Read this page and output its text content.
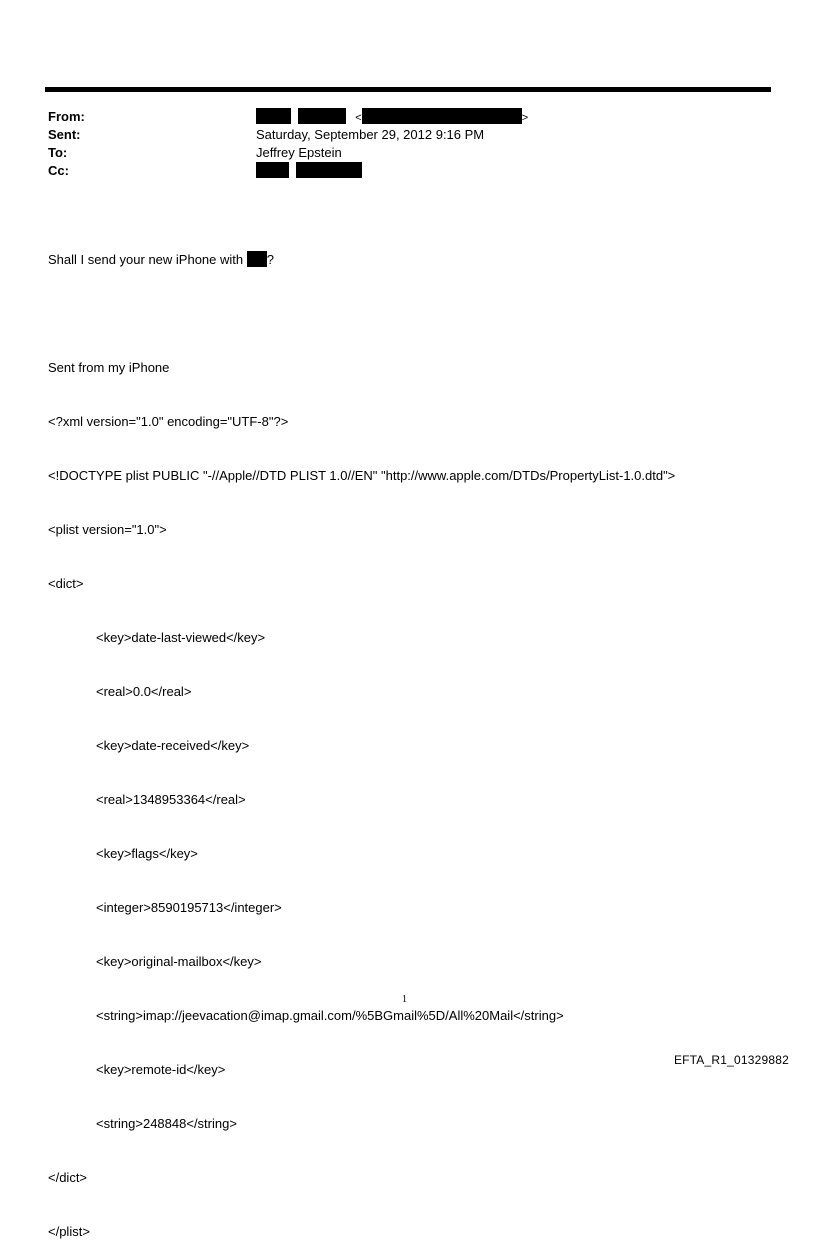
From:	<	>
Sent:	Saturday, September 29, 2012 9:16 PM
To:	Jeffrey Epstein
Cc:

Shall I send your new iPhone with ?

Sent from my iPhone

<?xml version="1.0" encoding="UTF-8"?>

<!DOCTYPE plist PUBLIC "-//Apple//DTD PLIST 1.0//EN" "http://www.apple.com/DTDs/PropertyList-1.0.dtd">

<plist version="1.0">

<dict>

<key>date-last-viewed</key>

<real>0.0</real>

<key>date-received</key>

<real>1348953364</real>

<key>flags</key>

<integer>8590195713</integer>

<key>original-mailbox</key>

<string>imap://jeevacation@imap.gmail.com/%5BGmail%5D/All%20Mail</string>

<key>remote-id</key>

<string>248848</string>

</dict>

</plist>

1
EFTA_R1_01329882
